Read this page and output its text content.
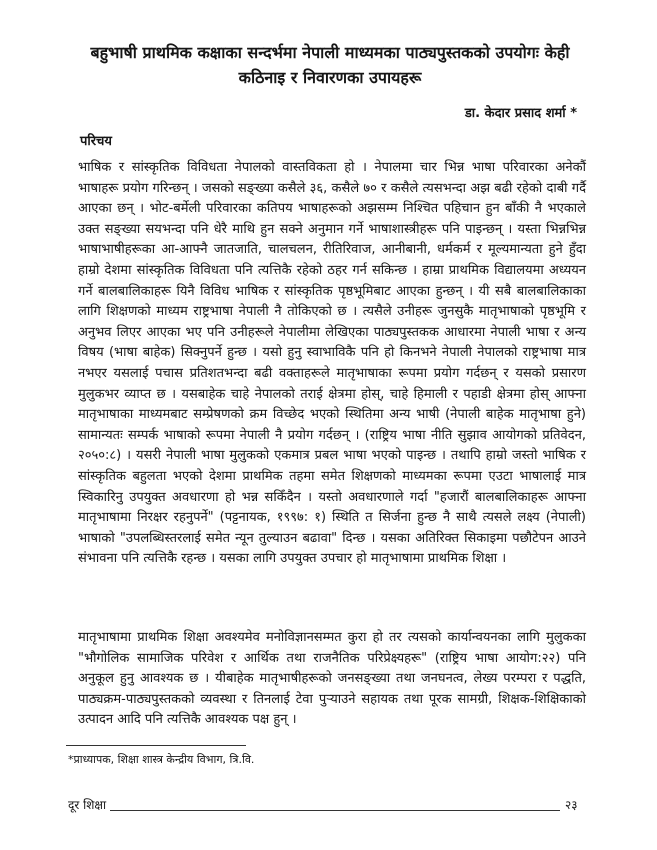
बहुभाषी प्राथमिक कक्षाका सन्दर्भमा नेपाली माध्यमका पाठ्यपुस्तकको उपयोगः केही कठिनाइ र निवारणका उपायहरू
डा. केदार प्रसाद शर्मा *
परिचय

भाषिक र सांस्कृतिक विविधता नेपालको वास्तविकता हो । नेपालमा चार भिन्न भाषा परिवारका अनेकौं भाषाहरू प्रयोग गरिन्छन् । जसको सङ्ख्या कसैले ३६, कसैले ७० र कसैले त्यसभन्दा अझ बढी रहेको दाबी गर्दै आएका छन् । भोट-बर्मेली परिवारका कतिपय भाषाहरूको अझसम्म निश्चित पहिचान हुन बाँकी नै भएकाले उक्त सङ्ख्या सयभन्दा पनि धेरै माथि हुन सक्ने अनुमान गर्ने भाषाशास्त्रीहरू पनि पाइन्छन् । यस्ता भिन्नभिन्न भाषाभाषीहरूका आ-आफ्नै जातजाति, चालचलन, रीतिरिवाज, आनीबानी, धर्मकर्म र मूल्यमान्यता हुने हुँदा हाम्रो देशमा सांस्कृतिक विविधता पनि त्यत्तिकै रहेको ठहर गर्न सकिन्छ । हाम्रा प्राथमिक विद्यालयमा अध्ययन गर्ने बालबालिकाहरू यिनै विविध भाषिक र सांस्कृतिक पृष्ठभूमिबाट आएका हुन्छन् । यी सबै बालबालिकाका लागि शिक्षणको माध्यम राष्ट्रभाषा नेपाली नै तोकिएको छ । त्यसैले उनीहरू जुनसुकै मातृभाषाको पृष्ठभूमि र अनुभव लिएर आएका भए पनि उनीहरूले नेपालीमा लेखिएका पाठ्यपुस्तकक आधारमा नेपाली भाषा र अन्य विषय (भाषा बाहेक) सिक्नुपर्ने हुन्छ । यसो हुनु स्वाभाविकै पनि हो किनभने नेपाली नेपालको राष्ट्रभाषा मात्र नभएर यसलाई पचास प्रतिशतभन्दा बढी वक्ताहरूले मातृभाषाका रूपमा प्रयोग गर्दछन् र यसको प्रसारण मुलुकभर व्याप्त छ । यसबाहेक चाहे नेपालको तराई क्षेत्रमा होस्, चाहे हिमाली र पहाडी क्षेत्रमा होस् आफ्ना मातृभाषाका माध्यमबाट सम्प्रेषणको क्रम विच्छेद भएको स्थितिमा अन्य भाषी (नेपाली बाहेक मातृभाषा हुने) सामान्यतः सम्पर्क भाषाको रूपमा नेपाली नै प्रयोग गर्दछन् । (राष्ट्रिय भाषा नीति सुझाव आयोगको प्रतिवेदन, २०५०:८) । यसरी नेपाली भाषा मुलुकको एकमात्र प्रबल भाषा भएको पाइन्छ । तथापि हाम्रो जस्तो भाषिक र सांस्कृतिक बहुलता भएको देशमा प्राथमिक तहमा समेत शिक्षणको माध्यमका रूपमा एउटा भाषालाई मात्र स्विकारिनु उपयुक्त अवधारणा हो भन्न सकिँदैन । यस्तो अवधारणाले गर्दा "हजारौं बालबालिकाहरू आफ्ना मातृभाषामा निरक्षर रहनुपर्ने" (पट्टनायक, १९९७: १) स्थिति त सिर्जना हुन्छ नै साथै त्यसले लक्ष्य (नेपाली) भाषाको "उपलब्धिस्तरलाई समेत न्यून तुल्याउन बढावा" दिन्छ । यसका अतिरिक्त सिकाइमा पछौटेपन आउने संभावना पनि त्यत्तिकै रहन्छ । यसका लागि उपयुक्त उपचार हो मातृभाषामा प्राथमिक शिक्षा ।

मातृभाषामा प्राथमिक शिक्षा अवश्यमेव मनोविज्ञानसम्मत कुरा हो तर त्यसको कार्यान्वयनका लागि मुलुकका "भौगोलिक सामाजिक परिवेश र आर्थिक तथा राजनैतिक परिप्रेक्ष्यहरू" (राष्ट्रिय भाषा आयोग:२२) पनि अनुकूल हुनु आवश्यक छ । यीबाहेक मातृभाषीहरूको जनसङ्ख्या तथा जनघनत्व, लेख्य परम्परा र पद्धति, पाठ्यक्रम-पाठ्यपुस्तकको व्यवस्था र तिनलाई टेवा पुऱ्याउने सहायक तथा पूरक सामग्री, शिक्षक-शिक्षिकाको उत्पादन आदि पनि त्यत्तिकै आवश्यक पक्ष हुन् ।

*प्राध्यापक, शिक्षा शास्त्र केन्द्रीय विभाग, त्रि.वि.
दूर शिक्षा	२३
